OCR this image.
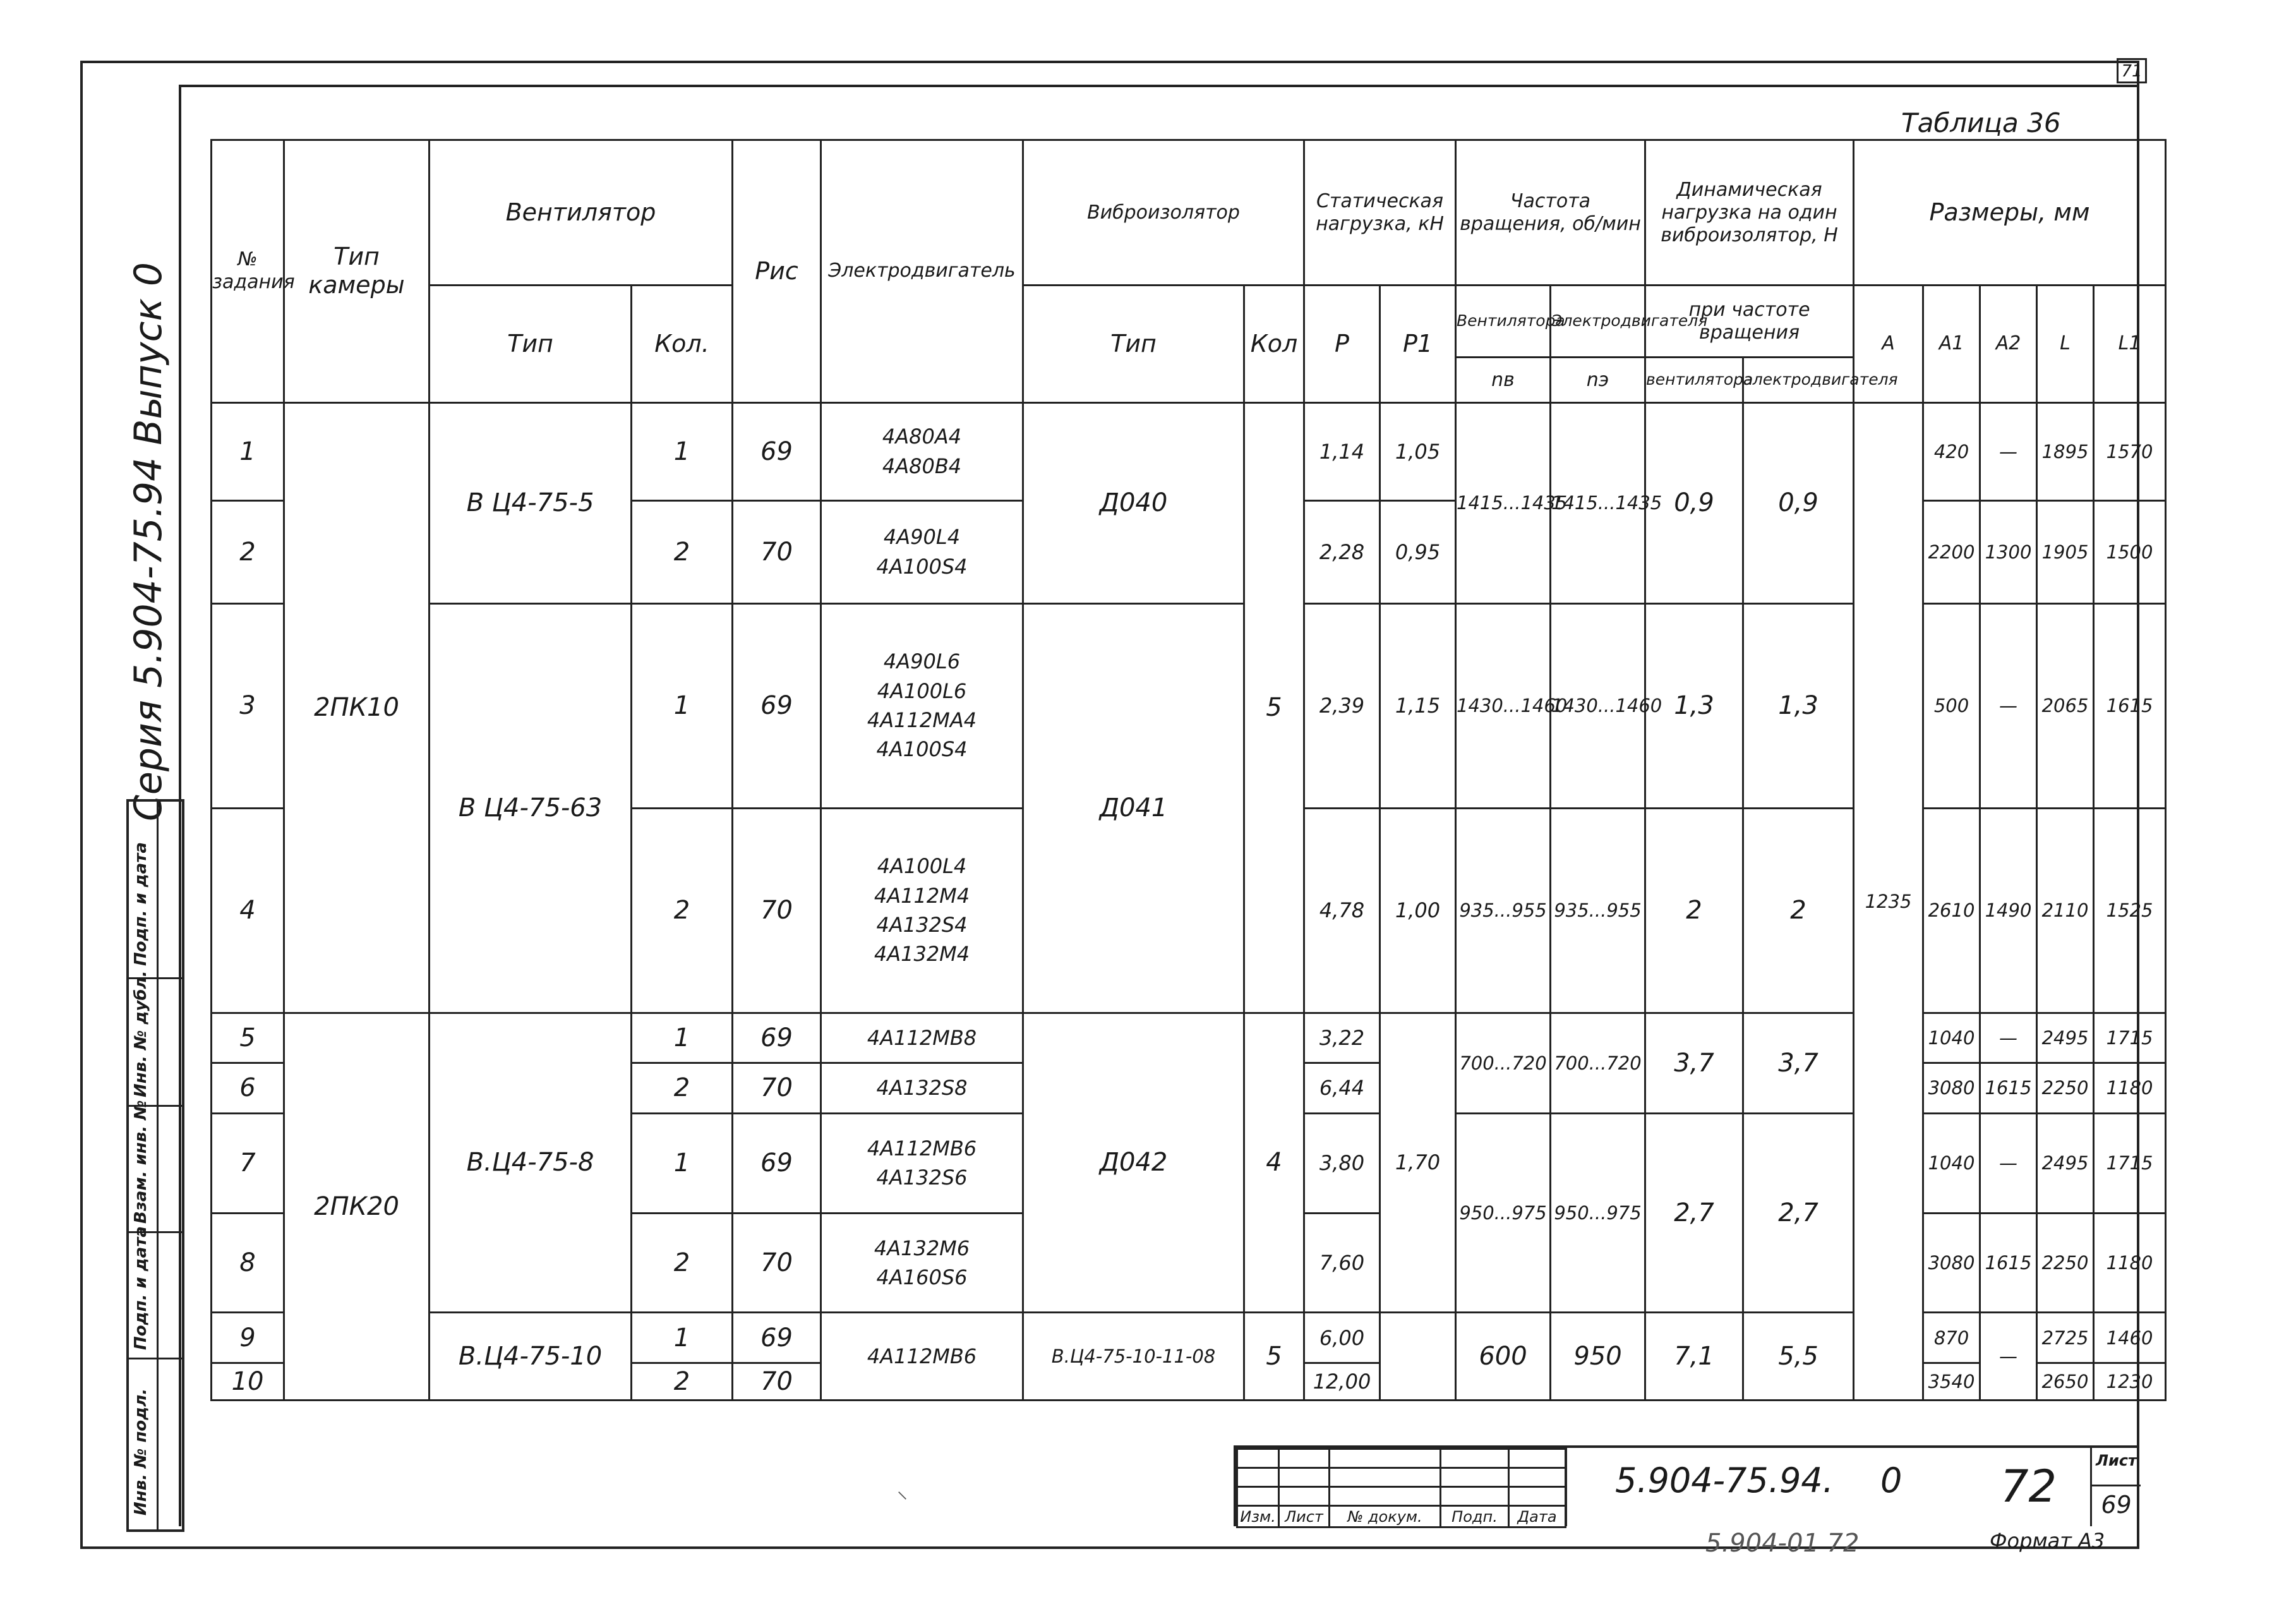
71
Серия 5.904-75.94 Выпуск 0
Подп. и дата
Инв. № дубл.
Взам. инв. №
Подп. и дата
Инв. № подл.
Таблица 36
№ задания	Тип камеры	Вентилятор		Рис	Электродвигатель	Виброизолятор		Статическая нагрузка, кН		Частота вращения, об/мин		Динамическая нагрузка на один виброизолятор, Н		Размеры, мм				
		Тип	Кол.			Тип	Кол	P	P1	Вентилятора	Электродвигателя	при частоте вращения		A	A1	A2	L	L1
										nв	nэ	вентилятора	электродвигателя					
1	2ПК10	В Ц4-75-5	1	69	4А80А4
4А80В4	Д040	5	1,14	1,05	1415...1435	1415...1435	0,9	0,9	1235	420	—	1895	1570
2			2	70	4А90L4
4А100S4			2,28	0,95						2200	1300	1905	1500
3		В Ц4-75-63	1	69	4А90L6
4А100L6
4А112МА4
4А100S4	Д041		2,39	1,15	1430...1460	1430...1460	1,3	1,3		500	—	2065	1615
4			2	70	4А100L4
4А112М4
4А132S4
4А132М4			4,78	1,00	935...955	935...955	2	2		2610	1490	2110	1525
5	2ПК20	В.Ц4-75-8	1	69	4А112МВ8	Д042	4	3,22	1,70	700...720	700...720	3,7	3,7		1040	—	2495	1715
6			2	70	4А132S8			6,44							3080	1615	2250	1180
7			1	69	4А112МВ6
4А132S6			3,80		950...975	950...975	2,7	2,7		1040	—	2495	1715
8			2	70	4А132М6
4А160S6			7,60							3080	1615	2250	1180
9		В.Ц4-75-10	1	69	4А112МВ6	В.Ц4-75-10-11-08	5	6,00		600	950	7,1	5,5		870	—	2725	1460
10			2	70				12,00							3540		2650	1230
⸜

Изм.	Лист	№ докум.	Подп.	Дата
5.904-75.94. 0 72	Лист
69
5.904-01 72	Формат А3
